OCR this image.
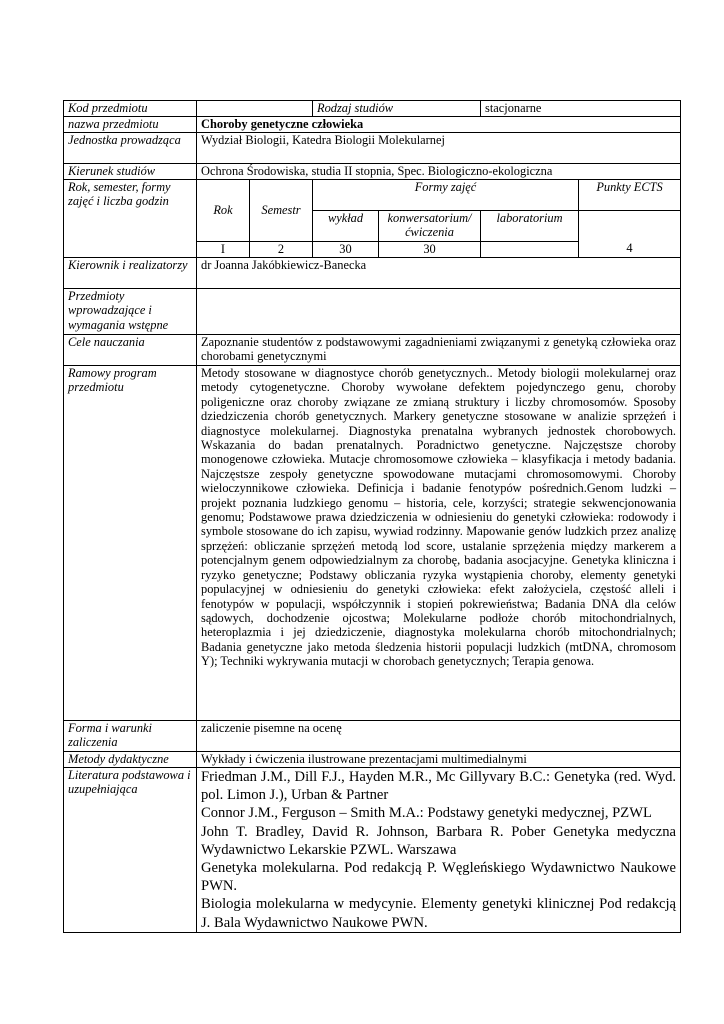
Kod przedmiotu			Rodzaj studiów		stacjonarne	
nazwa przedmiotu	Choroby genetyczne człowieka					
Jednostka prowadząca	Wydział Biologii, Katedra Biologii Molekularnej					
Kierunek studiów	Ochrona Środowiska, studia II stopnia, Spec. Biologiczno-ekologiczna					
Rok, semester, formy zajęć i liczba godzin	Rok	Semestr	Formy zajęć			Punkty ECTS
			wykład	konwersatorium/ ćwiczenia	laboratorium	4
	I	2	30	30		
Kierownik i realizatorzy	dr Joanna Jakóbkiewicz-Banecka					
Przedmioty wprowadzające i wymagania wstępne						
Cele nauczania	Zapoznanie studentów z podstawowymi zagadnieniami związanymi z genetyką człowieka oraz chorobami genetycznymi					
Ramowy program przedmiotu	Metody stosowane w diagnostyce chorób genetycznych.. Metody biologii molekularnej oraz metody cytogenetyczne. Choroby wywołane defektem pojedynczego genu, choroby poligeniczne oraz choroby związane ze zmianą struktury i liczby chromosomów. Sposoby dziedziczenia chorób genetycznych. Markery genetyczne stosowane w analizie sprzężeń i diagnostyce molekularnej. Diagnostyka prenatalna wybranych jednostek chorobowych. Wskazania do badan prenatalnych. Poradnictwo genetyczne. Najczęstsze choroby monogenowe człowieka. Mutacje chromosomowe człowieka – klasyfikacja i metody badania. Najczęstsze zespoły genetyczne spowodowane mutacjami chromosomowymi. Choroby wieloczynnikowe człowieka. Definicja i badanie fenotypów pośrednich.Genom ludzki – projekt poznania ludzkiego genomu – historia, cele, korzyści; strategie sekwencjonowania genomu; Podstawowe prawa dziedziczenia w odniesieniu do genetyki człowieka: rodowody i symbole stosowane do ich zapisu, wywiad rodzinny. Mapowanie genów ludzkich przez analizę sprzężeń: obliczanie sprzężeń metodą lod score, ustalanie sprzężenia między markerem a potencjalnym genem odpowiedzialnym za chorobę, badania asocjacyjne. Genetyka kliniczna i ryzyko genetyczne; Podstawy obliczania ryzyka wystąpienia choroby, elementy genetyki populacyjnej w odniesieniu do genetyki człowieka: efekt założyciela, częstość alleli i fenotypów w populacji, współczynnik i stopień pokrewieństwa; Badania DNA dla celów sądowych, dochodzenie ojcostwa; Molekularne podłoże chorób mitochondrialnych, heteroplazmia i jej dziedziczenie, diagnostyka molekularna chorób mitochondrialnych; Badania genetyczne jako metoda śledzenia historii populacji ludzkich (mtDNA, chromosom Y); Techniki wykrywania mutacji w chorobach genetycznych; Terapia genowa.					
Forma i warunki zaliczenia	zaliczenie pisemne na ocenę					
Metody dydaktyczne	Wykłady i ćwiczenia ilustrowane prezentacjami multimedialnymi					
Literatura podstawowa i uzupełniająca	Friedman J.M., Dill F.J., Hayden M.R., Mc Gillyvary B.C.: Genetyka (red. Wyd. pol. Limon J.), Urban & Partner
Connor J.M., Ferguson – Smith M.A.: Podstawy genetyki medycznej, PZWL
John T. Bradley, David R. Johnson, Barbara R. Pober Genetyka medyczna Wydawnictwo Lekarskie PZWL. Warszawa
Genetyka molekularna. Pod redakcją P. Węgleńskiego Wydawnictwo Naukowe PWN.
Biologia molekularna w medycynie. Elementy genetyki klinicznej Pod redakcją J. Bala Wydawnictwo Naukowe PWN.					
